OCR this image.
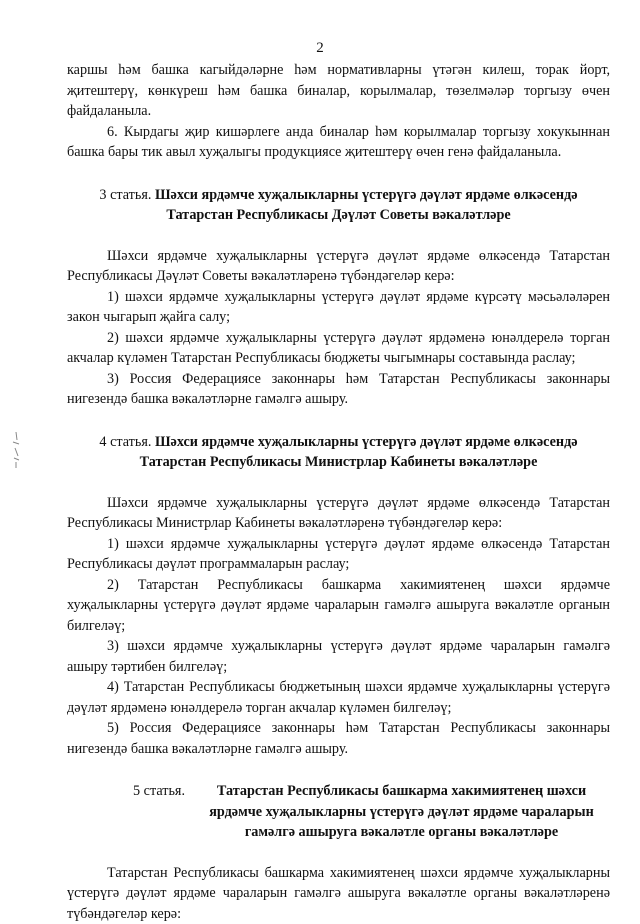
2

каршы һәм башка кагыйдәләрне һәм нормативларны үтәгән килеш, торак йорт, җитештерү, көнкүреш һәм башка биналар, корылмалар, төзелмәләр торгызу өчен файдаланыла.

6. Кырдагы җир кишәрлеге анда биналар һәм корылмалар торгызу хокукыннан башка бары тик авыл хуҗалыгы продукциясе җитештерү өчен генә файдаланыла.

3 статья. Шәхси ярдәмче хуҗалыкларны үстерүгә дәүләт ярдәме өлкәсендә

Татарстан Республикасы Дәүләт Советы вәкаләтләре

Шәхси ярдәмче хуҗалыкларны үстерүгә дәүләт ярдәме өлкәсендә Татарстан Республикасы Дәүләт Советы вәкаләтләренә түбәндәгеләр керә:

1) шәхси ярдәмче хуҗалыкларны үстерүгә дәүләт ярдәме күрсәтү мәсьәләләрен закон чыгарып җайга салу;

2) шәхси ярдәмче хуҗалыкларны үстерүгә дәүләт ярдәменә юнәлдерелә торган акчалар күләмен Татарстан Республикасы бюджеты чыгымнары составында раслау;

3) Россия Федерациясе законнары һәм Татарстан Республикасы законнары нигезендә башка вәкаләтләрне гамәлгә ашыру.

4 статья. Шәхси ярдәмче хуҗалыкларны үстерүгә дәүләт ярдәме өлкәсендә

Татарстан Республикасы Министрлар Кабинеты вәкаләтләре

Шәхси ярдәмче хуҗалыкларны үстерүгә дәүләт ярдәме өлкәсендә Татарстан Республикасы Министрлар Кабинеты вәкаләтләренә түбәндәгеләр керә:

1) шәхси ярдәмче хуҗалыкларны үстерүгә дәүләт ярдәме өлкәсендә Татарстан Республикасы дәүләт программаларын раслау;

2) Татарстан Республикасы башкарма хакимиятенең шәхси ярдәмче хуҗалыкларны үстерүгә дәүләт ярдәме чараларын гамәлгә ашыруга вәкаләтле органын билгеләү;

3) шәхси ярдәмче хуҗалыкларны үстерүгә дәүләт ярдәме чараларын гамәлгә ашыру тәртибен билгеләү;

4) Татарстан Республикасы бюджетының шәхси ярдәмче хуҗалыкларны үстерүгә дәүләт ярдәменә юнәлдерелә торган акчалар күләмен билгеләү;

5) Россия Федерациясе законнары һәм Татарстан Республикасы законнары нигезендә башка вәкаләтләрне гамәлгә ашыру.

5 статья.	Татарстан Республикасы башкарма хакимиятенең шәхси ярдәмче хуҗалыкларны үстерүгә дәүләт ярдәме чараларын гамәлгә ашыруга вәкаләтле органы вәкаләтләре

Татарстан Республикасы башкарма хакимиятенең шәхси ярдәмче хуҗалыкларны үстерүгә дәүләт ярдәме чараларын гамәлгә ашыруга вәкаләтле органы вәкаләтләренә түбәндәгеләр керә:
